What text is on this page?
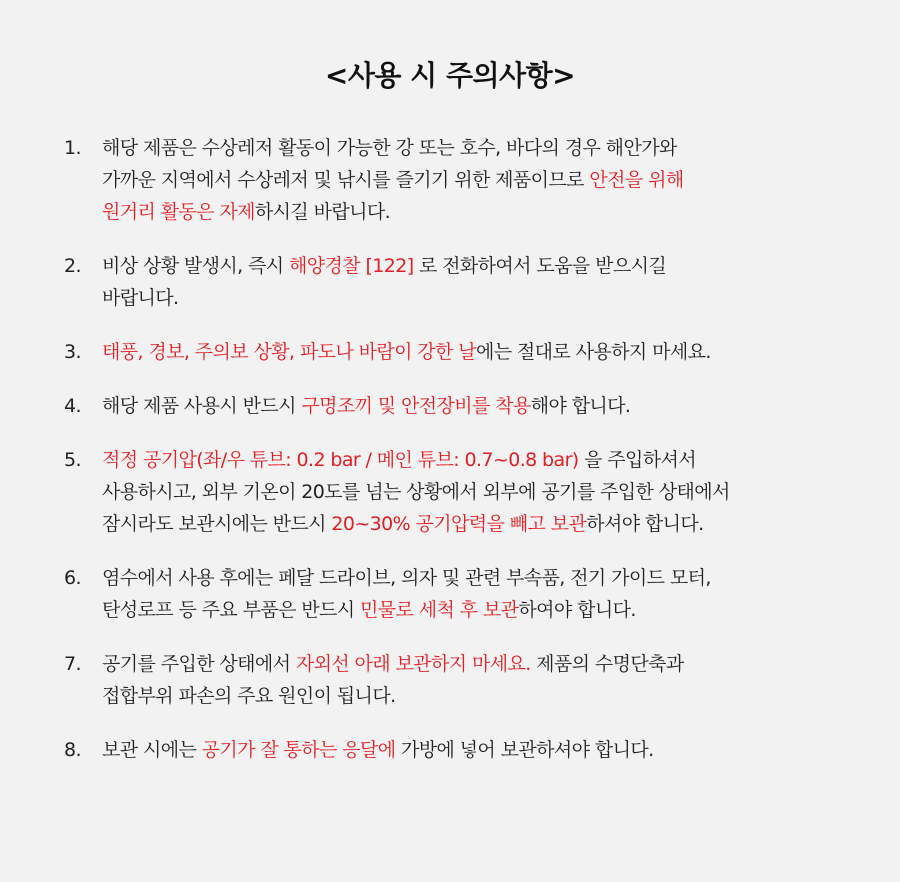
<사용 시 주의사항>
1. 해당 제품은 수상레저 활동이 가능한 강 또는 호수, 바다의 경우 해안가와
가까운 지역에서 수상레저 및 낚시를 즐기기 위한 제품이므로 안전을 위해
원거리 활동은 자제하시길 바랍니다.
2. 비상 상황 발생시, 즉시 해양경찰 [122] 로 전화하여서 도움을 받으시길
바랍니다.
3. 태풍, 경보, 주의보 상황, 파도나 바람이 강한 날에는 절대로 사용하지 마세요.
4. 해당 제품 사용시 반드시 구명조끼 및 안전장비를 착용해야 합니다.
5. 적정 공기압(좌/우 튜브: 0.2 bar / 메인 튜브: 0.7~0.8 bar) 을 주입하셔서
사용하시고, 외부 기온이 20도를 넘는 상황에서 외부에 공기를 주입한 상태에서
잠시라도 보관시에는 반드시 20~30% 공기압력을 빼고 보관하셔야 합니다.
6. 염수에서 사용 후에는 페달 드라이브, 의자 및 관련 부속품, 전기 가이드 모터,
탄성로프 등 주요 부품은 반드시 민물로 세척 후 보관하여야 합니다.
7. 공기를 주입한 상태에서 자외선 아래 보관하지 마세요. 제품의 수명단축과
접합부위 파손의 주요 원인이 됩니다.
8. 보관 시에는 공기가 잘 통하는 응달에 가방에 넣어 보관하셔야 합니다.
